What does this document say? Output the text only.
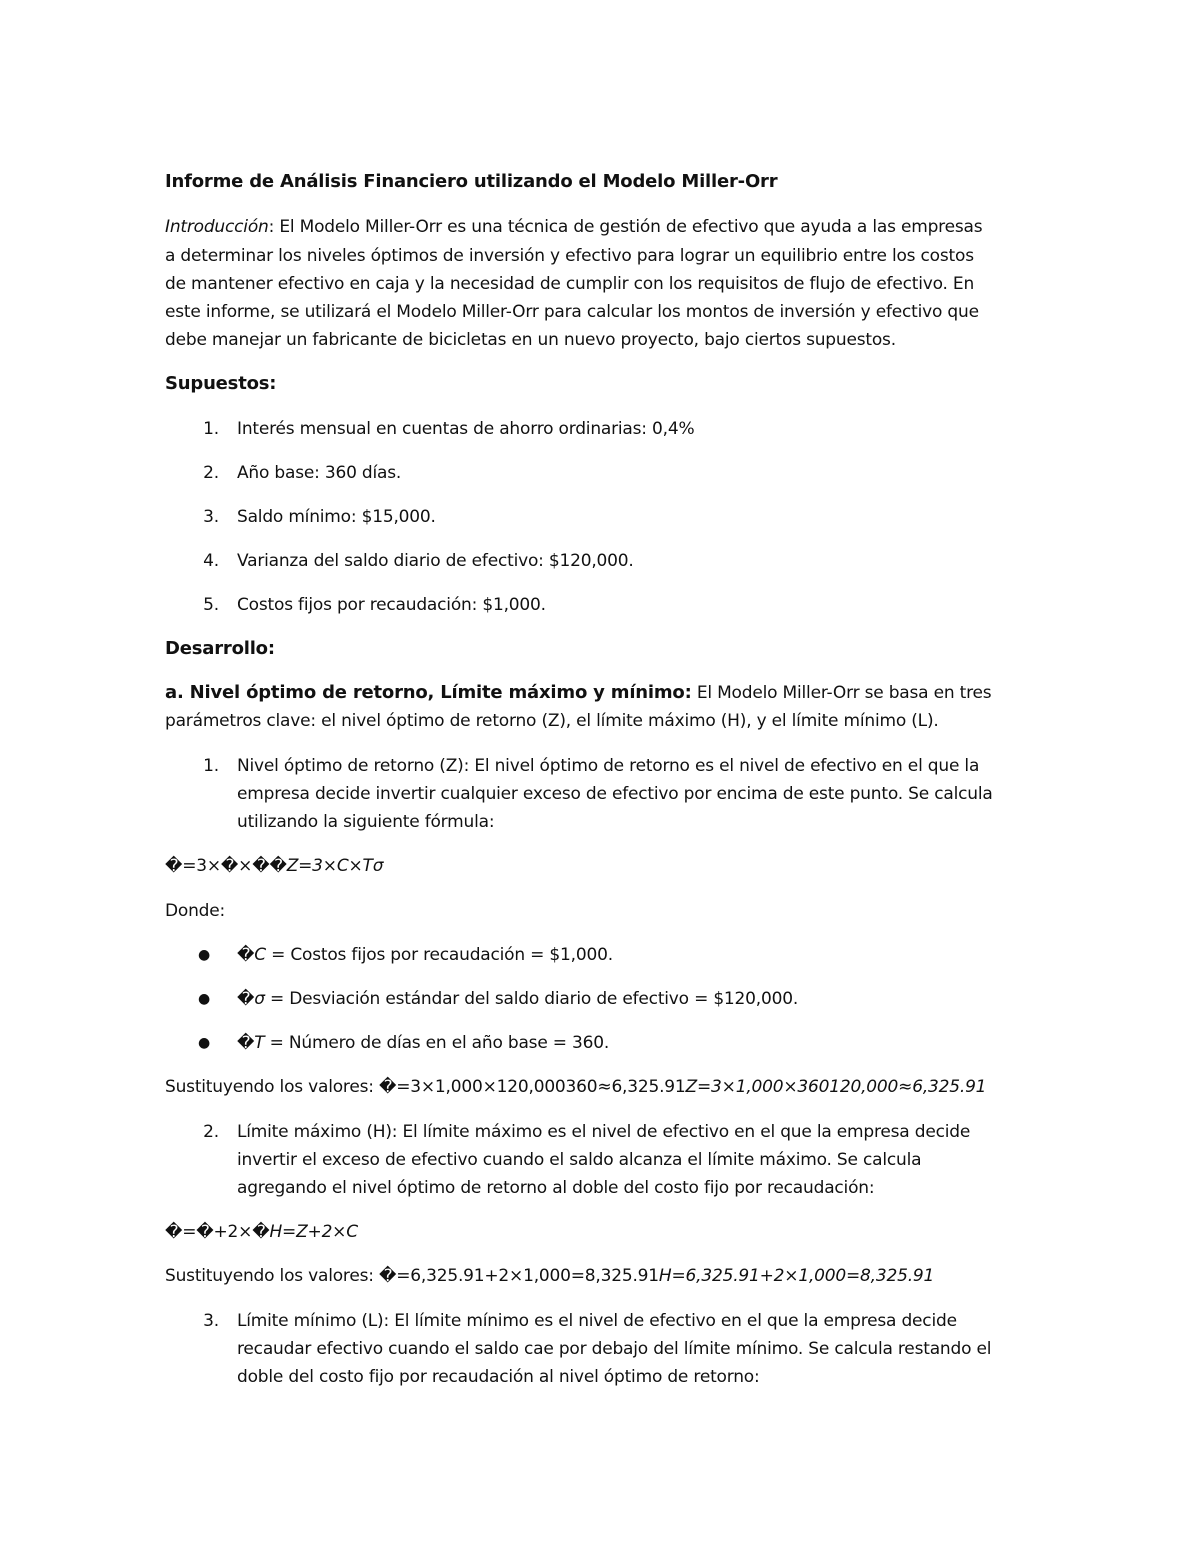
Informe de Análisis Financiero utilizando el Modelo Miller-Orr
Introducción: El Modelo Miller-Orr es una técnica de gestión de efectivo que ayuda a las empresas
a determinar los niveles óptimos de inversión y efectivo para lograr un equilibrio entre los costos
de mantener efectivo en caja y la necesidad de cumplir con los requisitos de flujo de efectivo. En
este informe, se utilizará el Modelo Miller-Orr para calcular los montos de inversión y efectivo que
debe manejar un fabricante de bicicletas en un nuevo proyecto, bajo ciertos supuestos.
Supuestos:
1. Interés mensual en cuentas de ahorro ordinarias: 0,4%
2. Año base: 360 días.
3. Saldo mínimo: $15,000.
4. Varianza del saldo diario de efectivo: $120,000.
5. Costos fijos por recaudación: $1,000.
Desarrollo:
a. Nivel óptimo de retorno, Límite máximo y mínimo: El Modelo Miller-Orr se basa en tres
parámetros clave: el nivel óptimo de retorno (Z), el límite máximo (H), y el límite mínimo (L).
1. Nivel óptimo de retorno (Z): El nivel óptimo de retorno es el nivel de efectivo en el que la
empresa decide invertir cualquier exceso de efectivo por encima de este punto. Se calcula
utilizando la siguiente fórmula:
�=3×�×��Z=3×C×Tσ
Donde:
● �C = Costos fijos por recaudación = $1,000.
● �σ = Desviación estándar del saldo diario de efectivo = $120,000.
● �T = Número de días en el año base = 360.
Sustituyendo los valores: �=3×1,000×120,000360≈6,325.91Z=3×1,000×360120,000≈6,325.91
2. Límite máximo (H): El límite máximo es el nivel de efectivo en el que la empresa decide
invertir el exceso de efectivo cuando el saldo alcanza el límite máximo. Se calcula
agregando el nivel óptimo de retorno al doble del costo fijo por recaudación:
�=�+2×�H=Z+2×C
Sustituyendo los valores: �=6,325.91+2×1,000=8,325.91H=6,325.91+2×1,000=8,325.91
3. Límite mínimo (L): El límite mínimo es el nivel de efectivo en el que la empresa decide
recaudar efectivo cuando el saldo cae por debajo del límite mínimo. Se calcula restando el
doble del costo fijo por recaudación al nivel óptimo de retorno:
